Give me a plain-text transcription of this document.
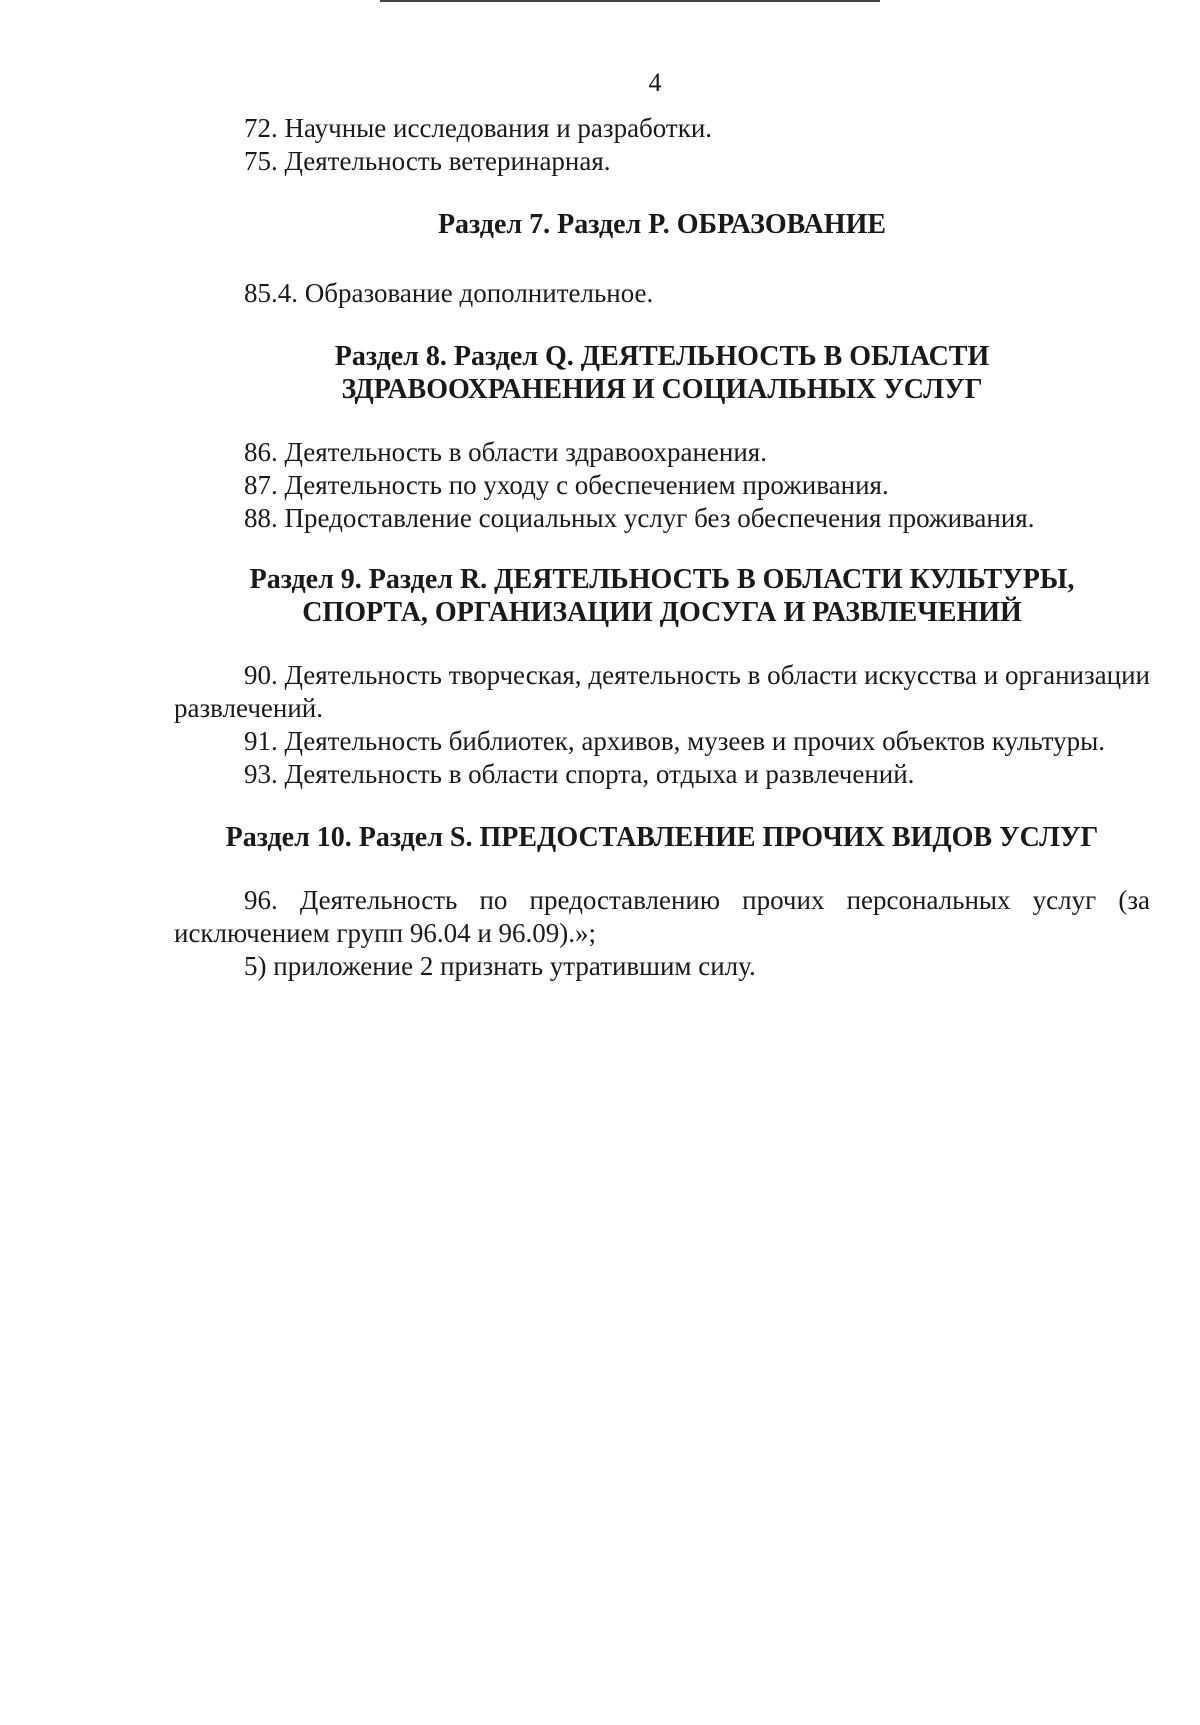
4

72. Научные исследования и разработки.

75. Деятельность ветеринарная.

Раздел 7. Раздел P. ОБРАЗОВАНИЕ

85.4. Образование дополнительное.

Раздел 8. Раздел Q. ДЕЯТЕЛЬНОСТЬ В ОБЛАСТИ
ЗДРАВООХРАНЕНИЯ И СОЦИАЛЬНЫХ УСЛУГ

86. Деятельность в области здравоохранения.

87. Деятельность по уходу с обеспечением проживания.

88. Предоставление социальных услуг без обеспечения проживания.

Раздел 9. Раздел R. ДЕЯТЕЛЬНОСТЬ В ОБЛАСТИ КУЛЬТУРЫ,
СПОРТА, ОРГАНИЗАЦИИ ДОСУГА И РАЗВЛЕЧЕНИЙ

90. Деятельность творческая, деятельность в области искусства и организации развлечений.

91. Деятельность библиотек, архивов, музеев и прочих объектов культуры.

93. Деятельность в области спорта, отдыха и развлечений.

Раздел 10. Раздел S. ПРЕДОСТАВЛЕНИЕ ПРОЧИХ ВИДОВ УСЛУГ

96. Деятельность по предоставлению прочих персональных услуг (за исключением групп 96.04 и 96.09).»;

5) приложение 2 признать утратившим силу.
